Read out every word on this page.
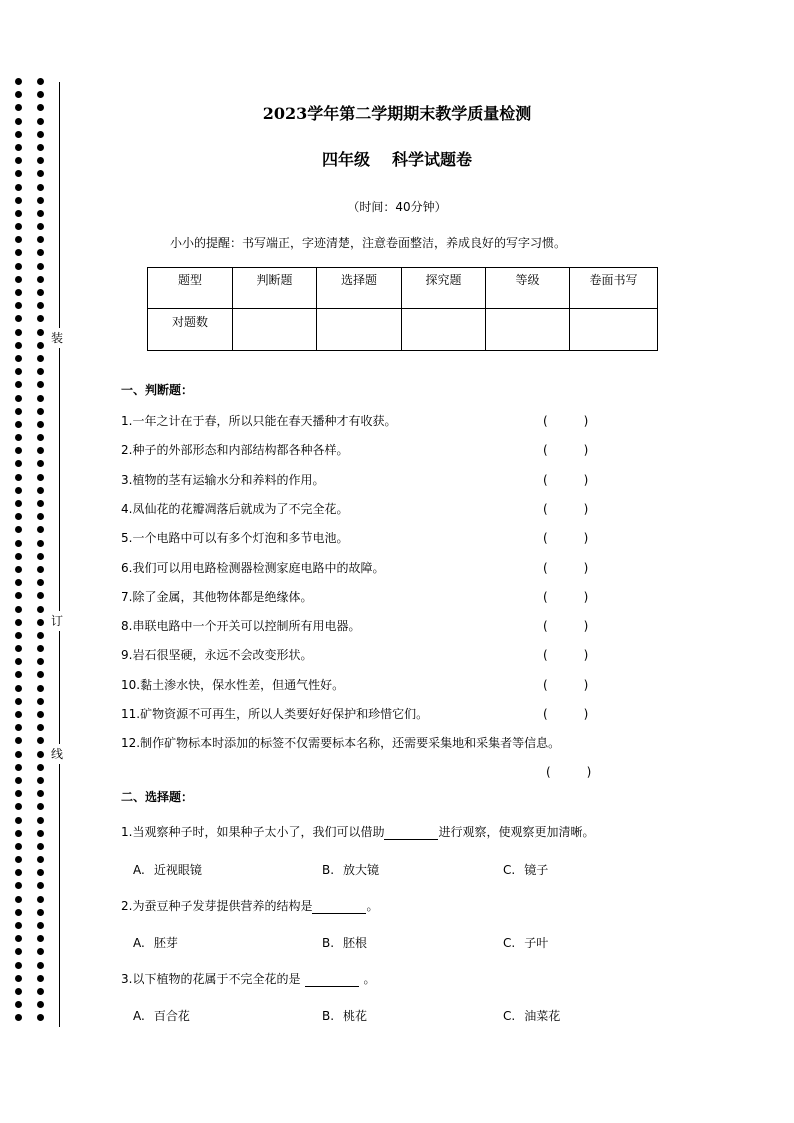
装
订
线
2023学年第二学期期末教学质量检测
四年级 科学试题卷
（时间：40分钟）
小小的提醒：书写端正，字迹清楚，注意卷面整洁，养成良好的写字习惯。
题型	判断题	选择题	探究题	等级	卷面书写
对题数					
一、判断题：
1.一年之计在于春，所以只能在春天播种才有收获。	(　　　)
2.种子的外部形态和内部结构都各种各样。	(　　　)
3.植物的茎有运输水分和养料的作用。	(　　　)
4.凤仙花的花瓣凋落后就成为了不完全花。	(　　　)
5.一个电路中可以有多个灯泡和多节电池。	(　　　)
6.我们可以用电路检测器检测家庭电路中的故障。	(　　　)
7.除了金属，其他物体都是绝缘体。	(　　　)
8.串联电路中一个开关可以控制所有用电器。	(　　　)
9.岩石很坚硬，永远不会改变形状。	(　　　)
10.黏土渗水快，保水性差，但通气性好。	(　　　)
11.矿物资源不可再生，所以人类要好好保护和珍惜它们。	(　　　)
12.制作矿物标本时添加的标签不仅需要标本名称，还需要采集地和采集者等信息。
(　　　)
二、选择题：
1.当观察种子时，如果种子太小了，我们可以借助	进行观察，使观察更加清晰。
A. 近视眼镜	B. 放大镜	C. 镜子
2.为蚕豆种子发芽提供营养的结构是	。
A. 胚芽	B. 胚根	C. 子叶
3.以下植物的花属于不完全花的是	。
A. 百合花	B. 桃花	C. 油菜花
